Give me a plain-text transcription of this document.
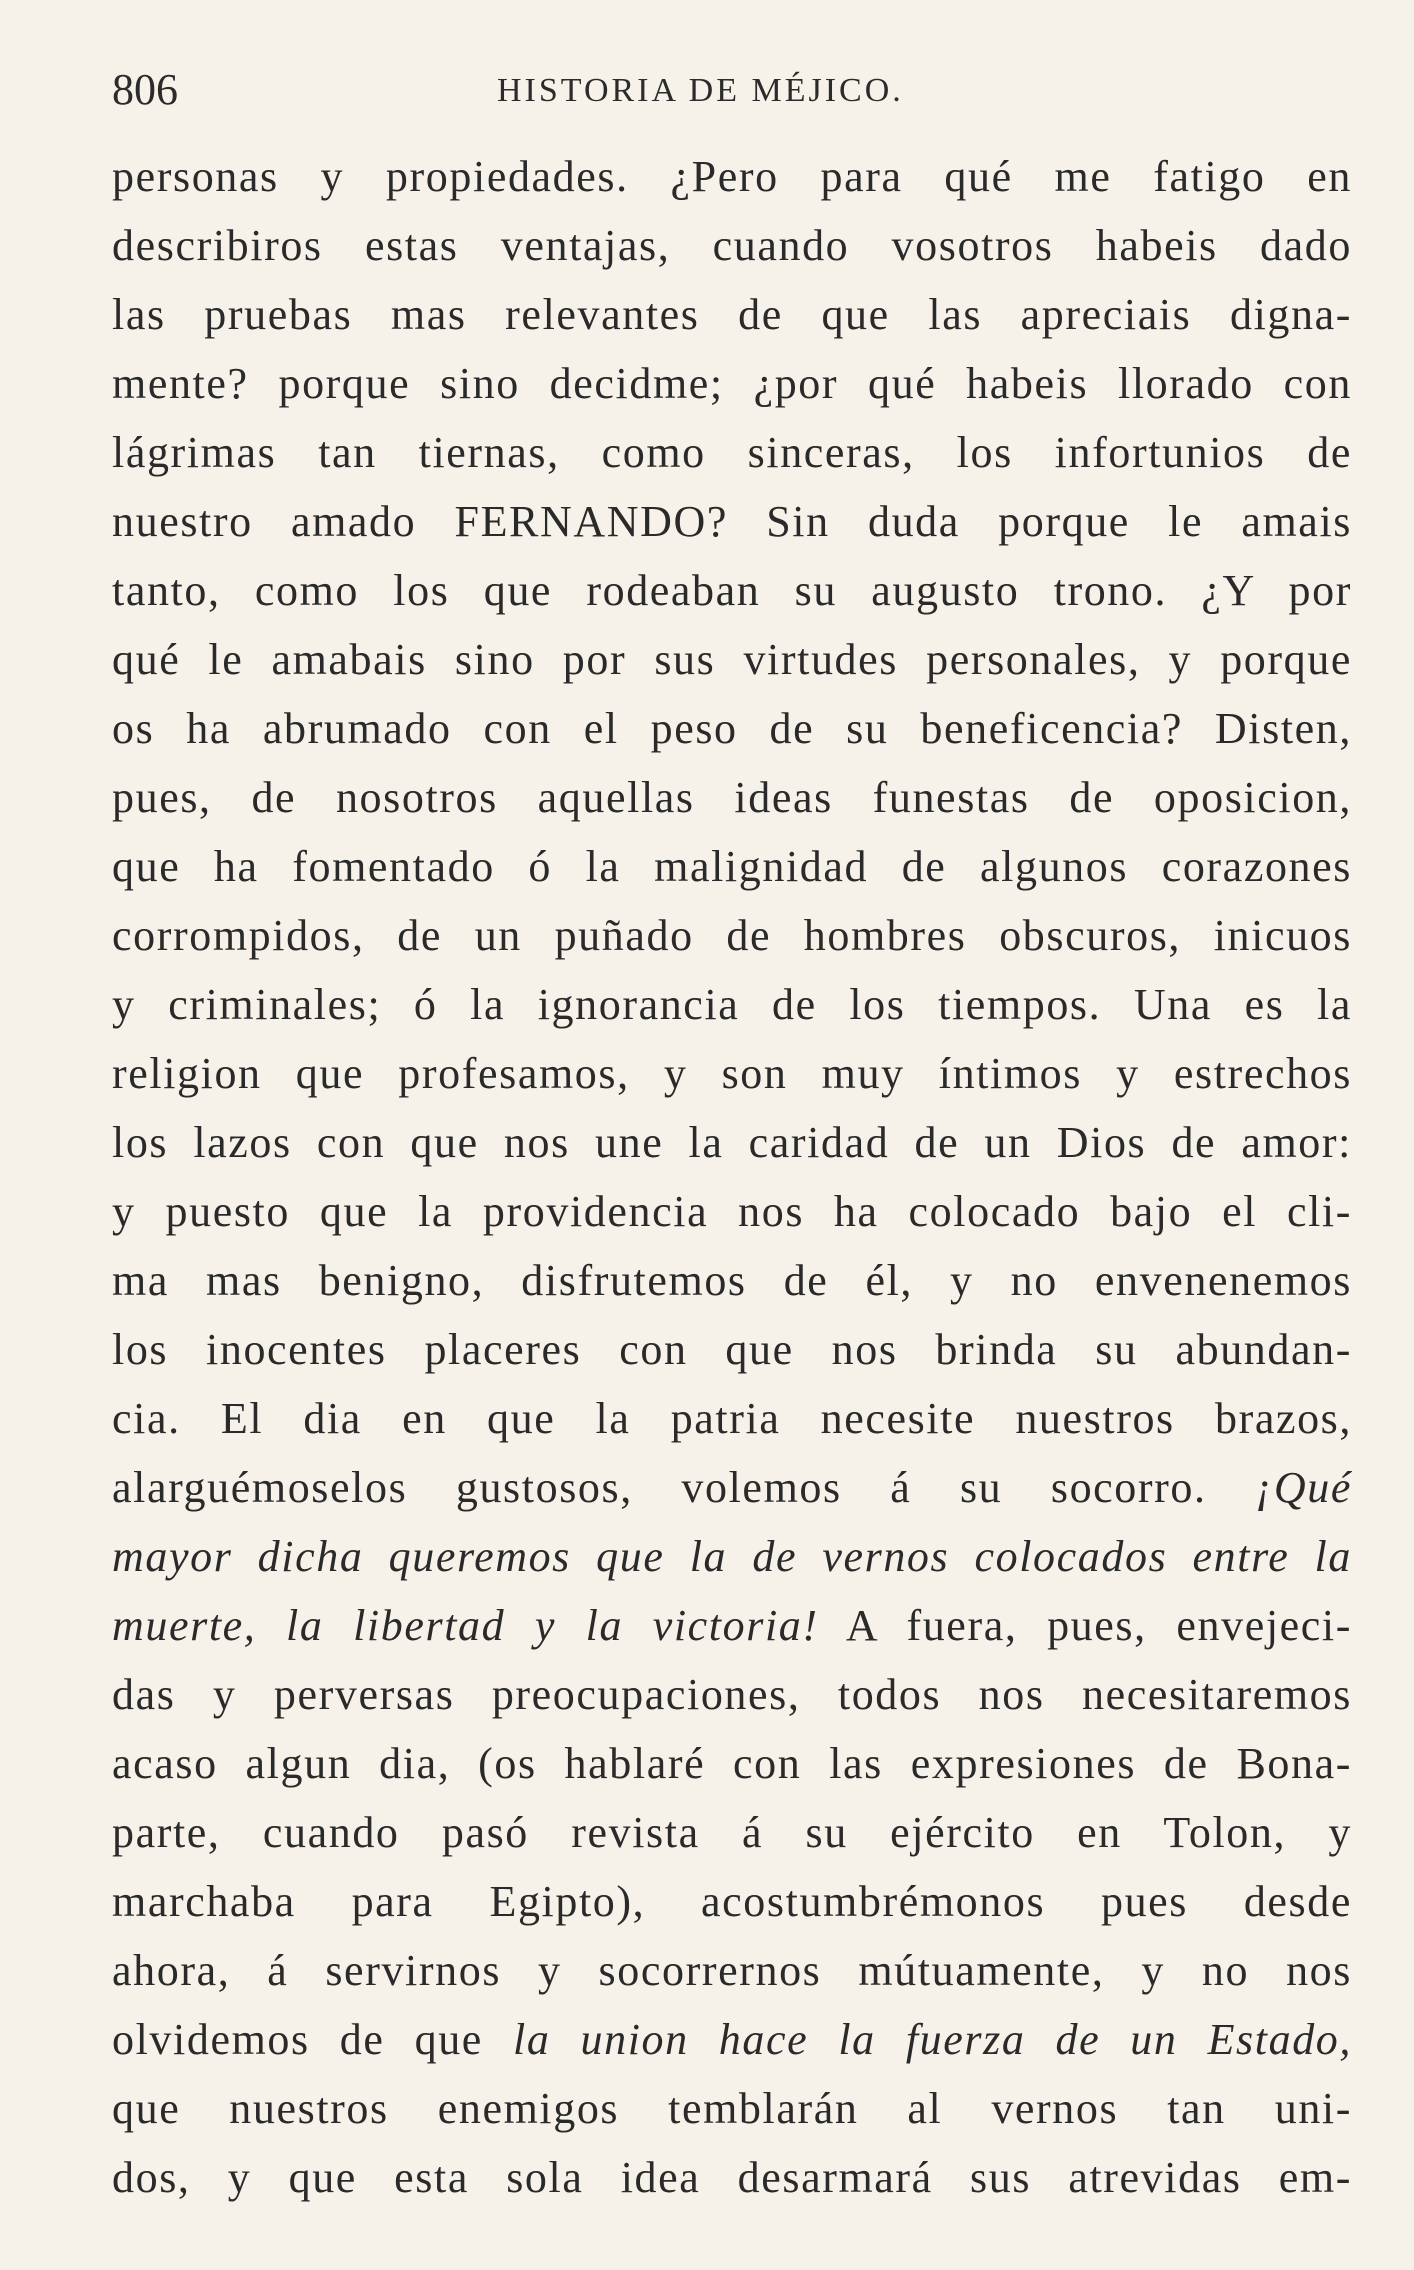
806	HISTORIA DE MÉJICO.
personas y propiedades. ¿Pero para qué me fatigo en
describiros estas ventajas, cuando vosotros habeis dado
las pruebas mas relevantes de que las apreciais digna-
mente? porque sino decidme; ¿por qué habeis llorado con
lágrimas tan tiernas, como sinceras, los infortunios de
nuestro amado FERNANDO? Sin duda porque le amais
tanto, como los que rodeaban su augusto trono. ¿Y por
qué le amabais sino por sus virtudes personales, y porque
os ha abrumado con el peso de su beneficencia? Disten,
pues, de nosotros aquellas ideas funestas de oposicion,
que ha fomentado ó la malignidad de algunos corazones
corrompidos, de un puñado de hombres obscuros, inicuos
y criminales; ó la ignorancia de los tiempos. Una es la
religion que profesamos, y son muy íntimos y estrechos
los lazos con que nos une la caridad de un Dios de amor:
y puesto que la providencia nos ha colocado bajo el cli-
ma mas benigno, disfrutemos de él, y no envenenemos
los inocentes placeres con que nos brinda su abundan-
cia. El dia en que la patria necesite nuestros brazos,
alarguémoselos gustosos, volemos á su socorro. ¡Qué
mayor dicha queremos que la de vernos colocados entre la
muerte, la libertad y la victoria! A fuera, pues, envejeci-
das y perversas preocupaciones, todos nos necesitaremos
acaso algun dia, (os hablaré con las expresiones de Bona-
parte, cuando pasó revista á su ejército en Tolon, y
marchaba para Egipto), acostumbrémonos pues desde
ahora, á servirnos y socorrernos mútuamente, y no nos
olvidemos de que la union hace la fuerza de un Estado,
que nuestros enemigos temblarán al vernos tan uni-
dos, y que esta sola idea desarmará sus atrevidas em-
